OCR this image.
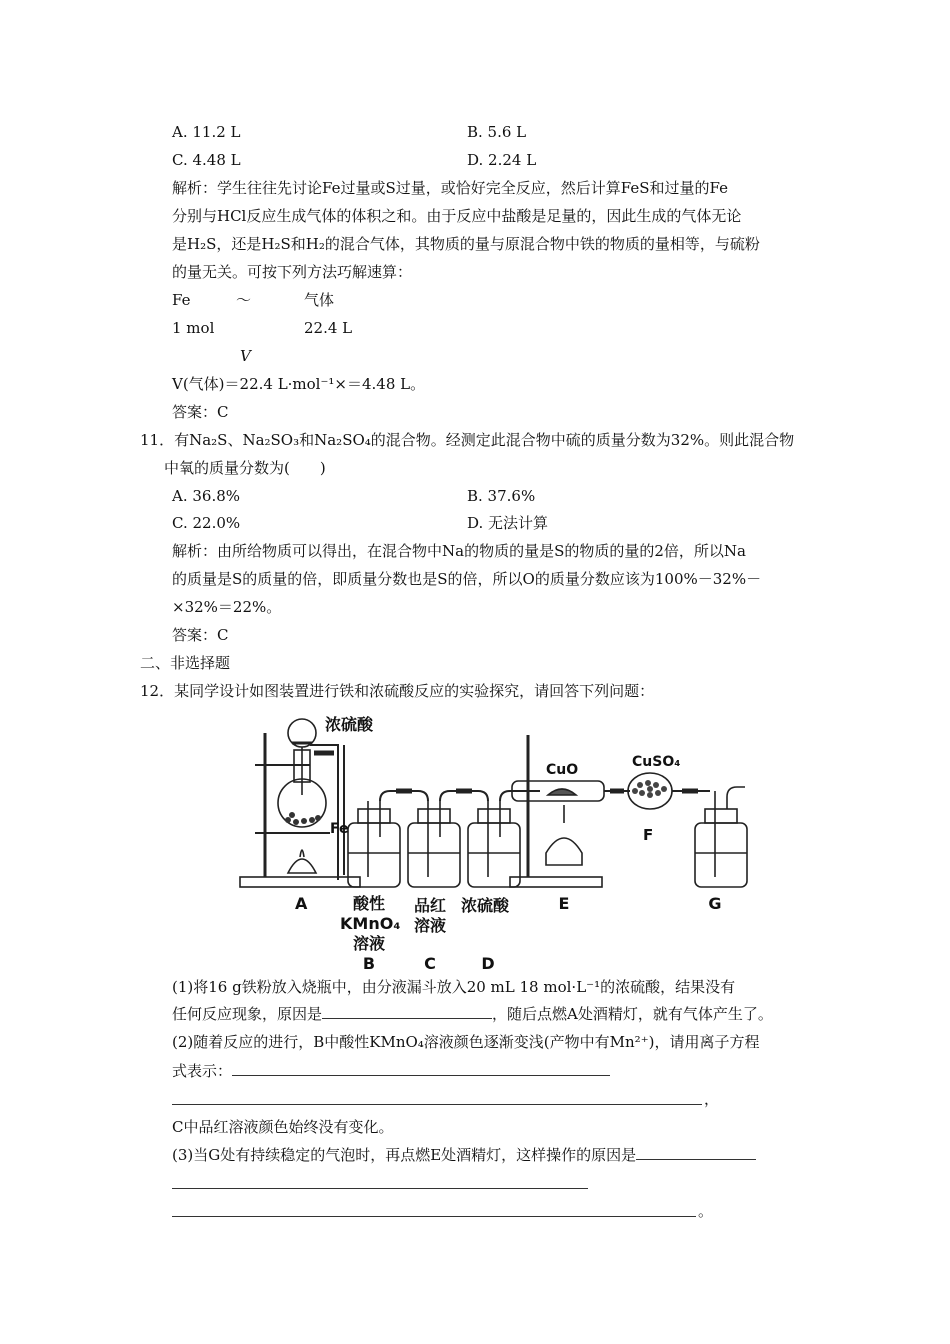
A. 11.2 L	B. 5.6 L
C. 4.48 L	D. 2.24 L
解析：学生往往先讨论Fe过量或S过量，或恰好完全反应，然后计算FeS和过量的Fe
分别与HCl反应生成气体的体积之和。由于反应中盐酸是足量的，因此生成的气体无论
是H₂S，还是H₂S和H₂的混合气体，其物质的量与原混合物中铁的物质的量相等，与硫粉
的量无关。可按下列方法巧解速算：
Fe	～	气体
1 mol	22.4 L
V
V(气体)＝22.4 L·mol⁻¹×＝4.48 L。
答案：C
11．有Na₂S、Na₂SO₃和Na₂SO₄的混合物。经测定此混合物中硫的质量分数为32%。则此混合物
中氧的质量分数为(　　)
A. 36.8%	B. 37.6%
C. 22.0%	D. 无法计算
解析：由所给物质可以得出，在混合物中Na的物质的量是S的物质的量的2倍，所以Na
的质量是S的质量的倍，即质量分数也是S的倍，所以O的质量分数应该为100%－32%－
×32%＝22%。
答案：C
二、非选择题
12．某同学设计如图装置进行铁和浓硫酸反应的实验探究，请回答下列问题：
浓硫酸
Fe
CuO	CuSO₄
F
A	酸性
KMnO₄
溶液
B
品红
溶液
C
浓硫酸
D
E	G
(1)将16 g铁粉放入烧瓶中，由分液漏斗放入20 mL 18 mol·L⁻¹的浓硫酸，结果没有
任何反应现象，原因是	，随后点燃A处酒精灯，就有气体产生了。
(2)随着反应的进行，B中酸性KMnO₄溶液颜色逐渐变浅(产物中有Mn²⁺)，请用离子方程
式表示：
，
C中品红溶液颜色始终没有变化。
(3)当G处有持续稳定的气泡时，再点燃E处酒精灯，这样操作的原因是
。
